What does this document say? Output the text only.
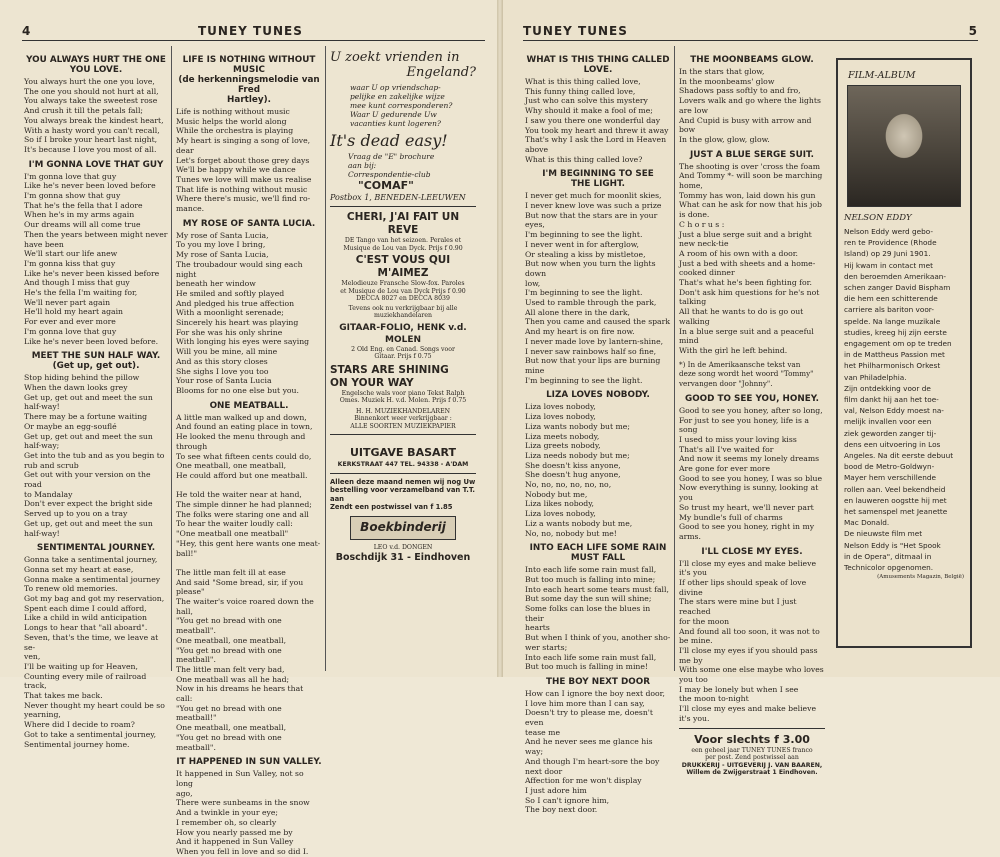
4	TUNEY TUNES
YOU ALWAYS HURT THE ONE
YOU LOVE.

You always hurt the one you love,
The one you should not hurt at all,
You always take the sweetest rose
And crush it till the petals fall;
You always break the kindest heart,
With a hasty word you can't recall,
So if I broke your heart last night,
It's because I love you most of all.

I'M GONNA LOVE THAT GUY

I'm gonna love that guy
Like he's never been loved before
I'm gonna show that guy
That he's the fella that I adore
When he's in my arms again
Our dreams will all come true
Then the years between might never
have been
We'll start our life anew
I'm gonna kiss that guy
Like he's never been kissed before
And though I miss that guy
He's the fella I'm waiting for,
We'll never part again
He'll hold my heart again
For ever and ever more
I'm gonna love that guy
Like he's never been loved before.

MEET THE SUN HALF WAY.
(Get up, get out).

Stop hiding behind the pillow
When the dawn looks grey
Get up, get out and meet the sun
half-way!
There may be a fortune waiting
Or maybe an egg-souflé
Get up, get out and meet the sun
half-way;
Get into the tub and as you begin to
rub and scrub
Get out with your version on the road
to Mandalay
Don't ever expect the bright side
Served up to you on a tray
Get up, get out and meet the sun
half-way!

SENTIMENTAL JOURNEY.

Gonna take a sentimental journey,
Gonna set my heart at ease,
Gonna make a sentimental journey
To renew old memories.
Got my bag and got my reservation,
Spent each dime I could afford,
Like a child in wild anticipation
Longs to hear that "all aboard".
Seven, that's the time, we leave at se-
ven,
I'll be waiting up for Heaven,
Counting every mile of railroad track,
That takes me back.
Never thought my heart could be so
yearning,
Where did I decide to roam?
Got to take a sentimental journey,
Sentimental journey home.

LIFE IS NOTHING WITHOUT MUSIC
(de herkenningsmelodie van Fred
Hartley).

Life is nothing without music
Music helps the world along
While the orchestra is playing
My heart is singing a song of love,
dear
Let's forget about those grey days
We'll be happy while we dance
Tunes we love will make us realise
That life is nothing without music
Where there's music, we'll find ro-
mance.

MY ROSE OF SANTA LUCIA.

My rose of Santa Lucia,
To you my love I bring,
My rose of Santa Lucia,
The troubadour would sing each night
beneath her window
He smiled and softly played
And pledged his true affection
With a moonlight serenade;
Sincerely his heart was playing
For she was his only shrine
With longing his eyes were saying
Will you be mine, all mine
And as this story closes
She sighs I love you too
Your rose of Santa Lucia
Blooms for no one else but you.

ONE MEATBALL.

A little man walked up and down,
And found an eating place in town,
He looked the menu through and
through
To see what fifteen cents could do,
One meatball, one meatball,
He could afford but one meatball.

He told the waiter near at hand,
The simple dinner he had planned;
The folks were staring one and all
To hear the waiter loudly call:
"One meatball one meatball"
"Hey, this gent here wants one meat-
ball!"

The little man felt ill at ease
And said "Some bread, sir, if you
please"
The waiter's voice roared down the
hall,
"You get no bread with one meatball".
One meatball, one meatball,
"You get no bread with one meatball".
The little man felt very bad,
One meatball was all he had;
Now in his dreams he hears that call:
"You get no bread with one meatball!"
One meatball, one meatball,
"You get no bread with one meatball".

IT HAPPENED IN SUN VALLEY.

It happened in Sun Valley, not so long
ago,
There were sunbeams in the snow
And a twinkle in your eye;
I remember oh, so clearly
How you nearly passed me by
And it happened in Sun Valley
When you fell in love and so did I.

U zoekt vrienden in
Engeland?

waar U op vriendschap-
pelijke en zakelijke wijze
mee kunt corresponderen?
Waar U gedurende Uw
vacanties kunt logeren?

It's dead easy!

Vraag de "E" brochure
aan bij:
Correspondentie-club

"COMAF"
Postbox 1, BENEDEN-LEEUWEN
CHERI, J'AI FAIT UN REVE

DE Tango van het seizoen. Perales et
Musique de Lou van Dyck. Prijs f 0.90

C'EST VOUS QUI M'AIMEZ

Melodieuze Fransche Slow-fox. Paroles
et Musique de Lou van Dyck Prijs f 0.90
DECCA 8027 en DECCA 8039

Tevens ook nu verkrijgbaar bij alle muziekhandelaren

GITAAR-FOLIO, HENK v.d. MOLEN

2 Old Eng. en Canad. Songs voor
Gitaar. Prijs f 0.75

STARS ARE SHINING
ON YOUR WAY

Engelsche wals voor piano Tekst Ralph
Omes. Muziek H. v.d. Molen. Prijs f 0.75

H. H. MUZIEKHANDELAREN
Binnenkort weer verkrijgbaar :
ALLE SOORTEN MUZIEKPAPIER

UITGAVE BASART
KERKSTRAAT 447 TEL. 94338 - A'DAM

Alleen deze maand nemen wij nog Uw
bestelling voor verzamelband van T.T. aan
Zendt een postwissel van f 1.85

Boekbinderij
LEO v.d. DONGEN
Boschdijk 31 - Eindhoven
TUNEY TUNES	5
WHAT IS THIS THING CALLED
LOVE.

What is this thing called love,
This funny thing called love,
Just who can solve this mystery
Why should it make a fool of me;
I saw you there one wonderful day
You took my heart and threw it away
That's why I ask the Lord in Heaven
above
What is this thing called love?

I'M BEGINNING TO SEE
THE LIGHT.

I never get much for moonlit skies,
I never knew love was such a prize
But now that the stars are in your eyes,
I'm beginning to see the light.
I never went in for afterglow,
Or stealing a kiss by mistletoe,
But now when you turn the lights down
low,
I'm beginning to see the light.
Used to ramble through the park,
All alone there in the dark,
Then you came and caused the spark
And my heart is on fire now.
I never made love by lantern-shine,
I never saw rainbows half so fine,
But now that your lips are burning mine
I'm beginning to see the light.

LIZA LOVES NOBODY.

Liza loves nobody,
Liza loves nobody,
Liza wants nobody but me;
Liza meets nobody,
Liza greets nobody,
Liza needs nobody but me;
She doesn't kiss anyone,
She doesn't hug anyone,
No, no, no, no, no, no,
Nobody but me,
Liza likes nobody,
Liza loves nobody,
Liz a wants nobody but me,
No, no, nobody but me!

INTO EACH LIFE SOME RAIN
MUST FALL

Into each life some rain must fall,
But too much is falling into mine;
Into each heart some tears must fall,
But some day the sun will shine;
Some folks can lose the blues in their
hearts
But when I think of you, another sho-
wer starts;
Into each life some rain must fall,
But too much is falling in mine!

THE BOY NEXT DOOR

How can I ignore the boy next door,
I love him more than I can say,
Doesn't try to please me, doesn't even
tease me
And he never sees me glance his way;
And though I'm heart-sore the boy
next door
Affection for me won't display
I just adore him
So I can't ignore him,
The boy next door.

THE MOONBEAMS GLOW.

In the stars that glow,
In the moonbeams' glow
Shadows pass softly to and fro,
Lovers walk and go where the lights
are low
And Cupid is busy with arrow and
bow
In the glow, glow, glow.

JUST A BLUE SERGE SUIT.

The shooting is over 'cross the foam
And Tommy *- will soon be marching
home,
Tommy has won, laid down his gun
What can he ask for now that his job
is done.
C h o r u s :
Just a blue serge suit and a bright
new neck-tie
A room of his own with a door.
Just a bed with sheets and a home-
cooked dinner
That's what he's been fighting for.
Don't ask him questions for he's not
talking
All that he wants to do is go out
walking
In a blue serge suit and a peaceful
mind
With the girl he left behind.

*) In de Amerikaansche tekst van
deze song wordt het woord "Tommy"
vervangen door "Johnny".

GOOD TO SEE YOU, HONEY.

Good to see you honey, after so long,
For just to see you honey, life is a
song
I used to miss your loving kiss
That's all I've waited for
And now it seems my lonely dreams
Are gone for ever more
Good to see you honey, I was so blue
Now everything is sunny, looking at
you
So trust my heart, we'll never part
My bundle's full of charms
Good to see you honey, right in my
arms.

I'LL CLOSE MY EYES.

I'll close my eyes and make believe
it's you
If other lips should speak of love
divine
The stars were mine but I just reached
for the moon
And found all too soon, it was not to
be mine.
I'll close my eyes if you should pass
me by
With some one else maybe who loves
you too
I may be lonely but when I see
the moon to-night
I'll close my eyes and make believe
it's you.

Voor slechts f 3.00

een geheel jaar TUNEY TUNES franco
per post. Zend postwissel aan

DRUKKERIJ - UITGEVERIJ J. VAN BAAREN,
Willem de Zwijgerstraat 1 Eindhoven.
FILM-ALBUM
NELSON EDDY

Nelson Eddy werd gebo-
ren te Providence (Rhode
Island) op 29 Juni 1901.
Hij kwam in contact met
den beroemden Amerikaan-
schen zanger David Bispham
die hem een schitterende
carriere als bariton voor-
spelde. Na lange muzikale
studies, kreeg hij zijn eerste
engagement om op te treden
in de Mattheus Passion met
het Philharmonisch Orkest
van Philadelphia.
Zijn ontdekking voor de
film dankt hij aan het toe-
val, Nelson Eddy moest na-
melijk invallen voor een
ziek geworden zanger tij-
dens een uitvoering in Los
Angeles. Na dit eerste debuut
bood de Metro-Goldwyn-
Mayer hem verschillende
rollen aan. Veel bekendheid
en lauweren oogstte hij met
het samenspel met Jeanette
Mac Donald.
De nieuwste film met
Nelson Eddy is "Het Spook
in de Opera", ditmaal in
Technicolor opgenomen.

(Amusements Magazin, België)
